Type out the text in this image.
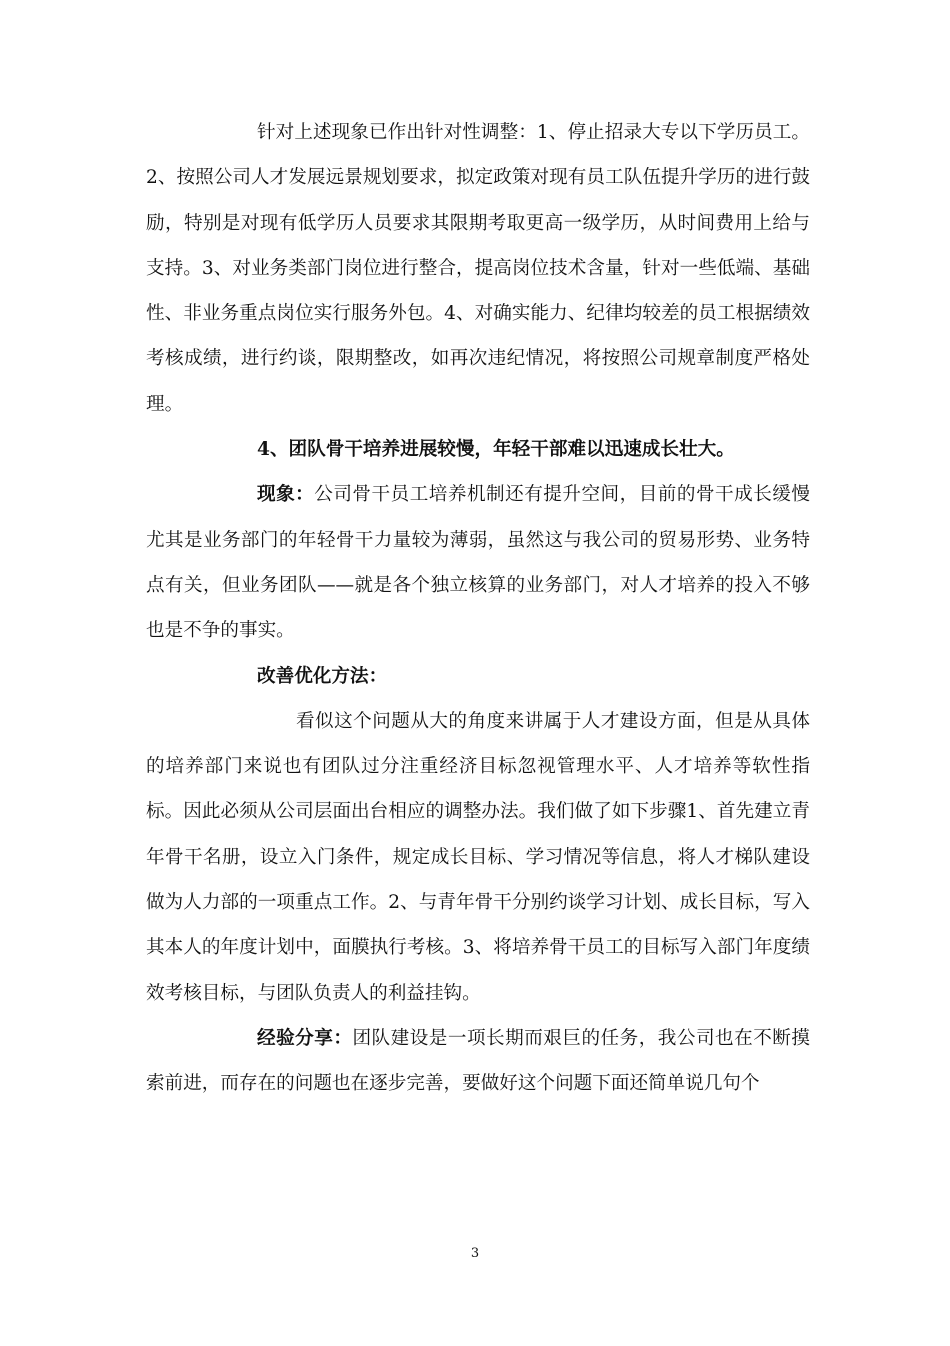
针对上述现象已作出针对性调整：1、停止招录大专以下学历员工。2、按照公司人才发展远景规划要求，拟定政策对现有员工队伍提升学历的进行鼓励，特别是对现有低学历人员要求其限期考取更高一级学历，从时间费用上给与支持。3、对业务类部门岗位进行整合，提高岗位技术含量，针对一些低端、基础性、非业务重点岗位实行服务外包。4、对确实能力、纪律均较差的员工根据绩效考核成绩，进行约谈，限期整改，如再次违纪情况，将按照公司规章制度严格处理。

4、团队骨干培养进展较慢，年轻干部难以迅速成长壮大。

现象：公司骨干员工培养机制还有提升空间，目前的骨干成长缓慢尤其是业务部门的年轻骨干力量较为薄弱，虽然这与我公司的贸易形势、业务特点有关，但业务团队——就是各个独立核算的业务部门，对人才培养的投入不够也是不争的事实。

改善优化方法：

看似这个问题从大的角度来讲属于人才建设方面，但是从具体的培养部门来说也有团队过分注重经济目标忽视管理水平、人才培养等软性指标。因此必须从公司层面出台相应的调整办法。我们做了如下步骤1、首先建立青年骨干名册，设立入门条件，规定成长目标、学习情况等信息，将人才梯队建设做为人力部的一项重点工作。2、与青年骨干分别约谈学习计划、成长目标，写入其本人的年度计划中，面膜执行考核。3、将培养骨干员工的目标写入部门年度绩效考核目标，与团队负责人的利益挂钩。

经验分享：团队建设是一项长期而艰巨的任务，我公司也在不断摸索前进，而存在的问题也在逐步完善，要做好这个问题下面还简单说几句个

3
